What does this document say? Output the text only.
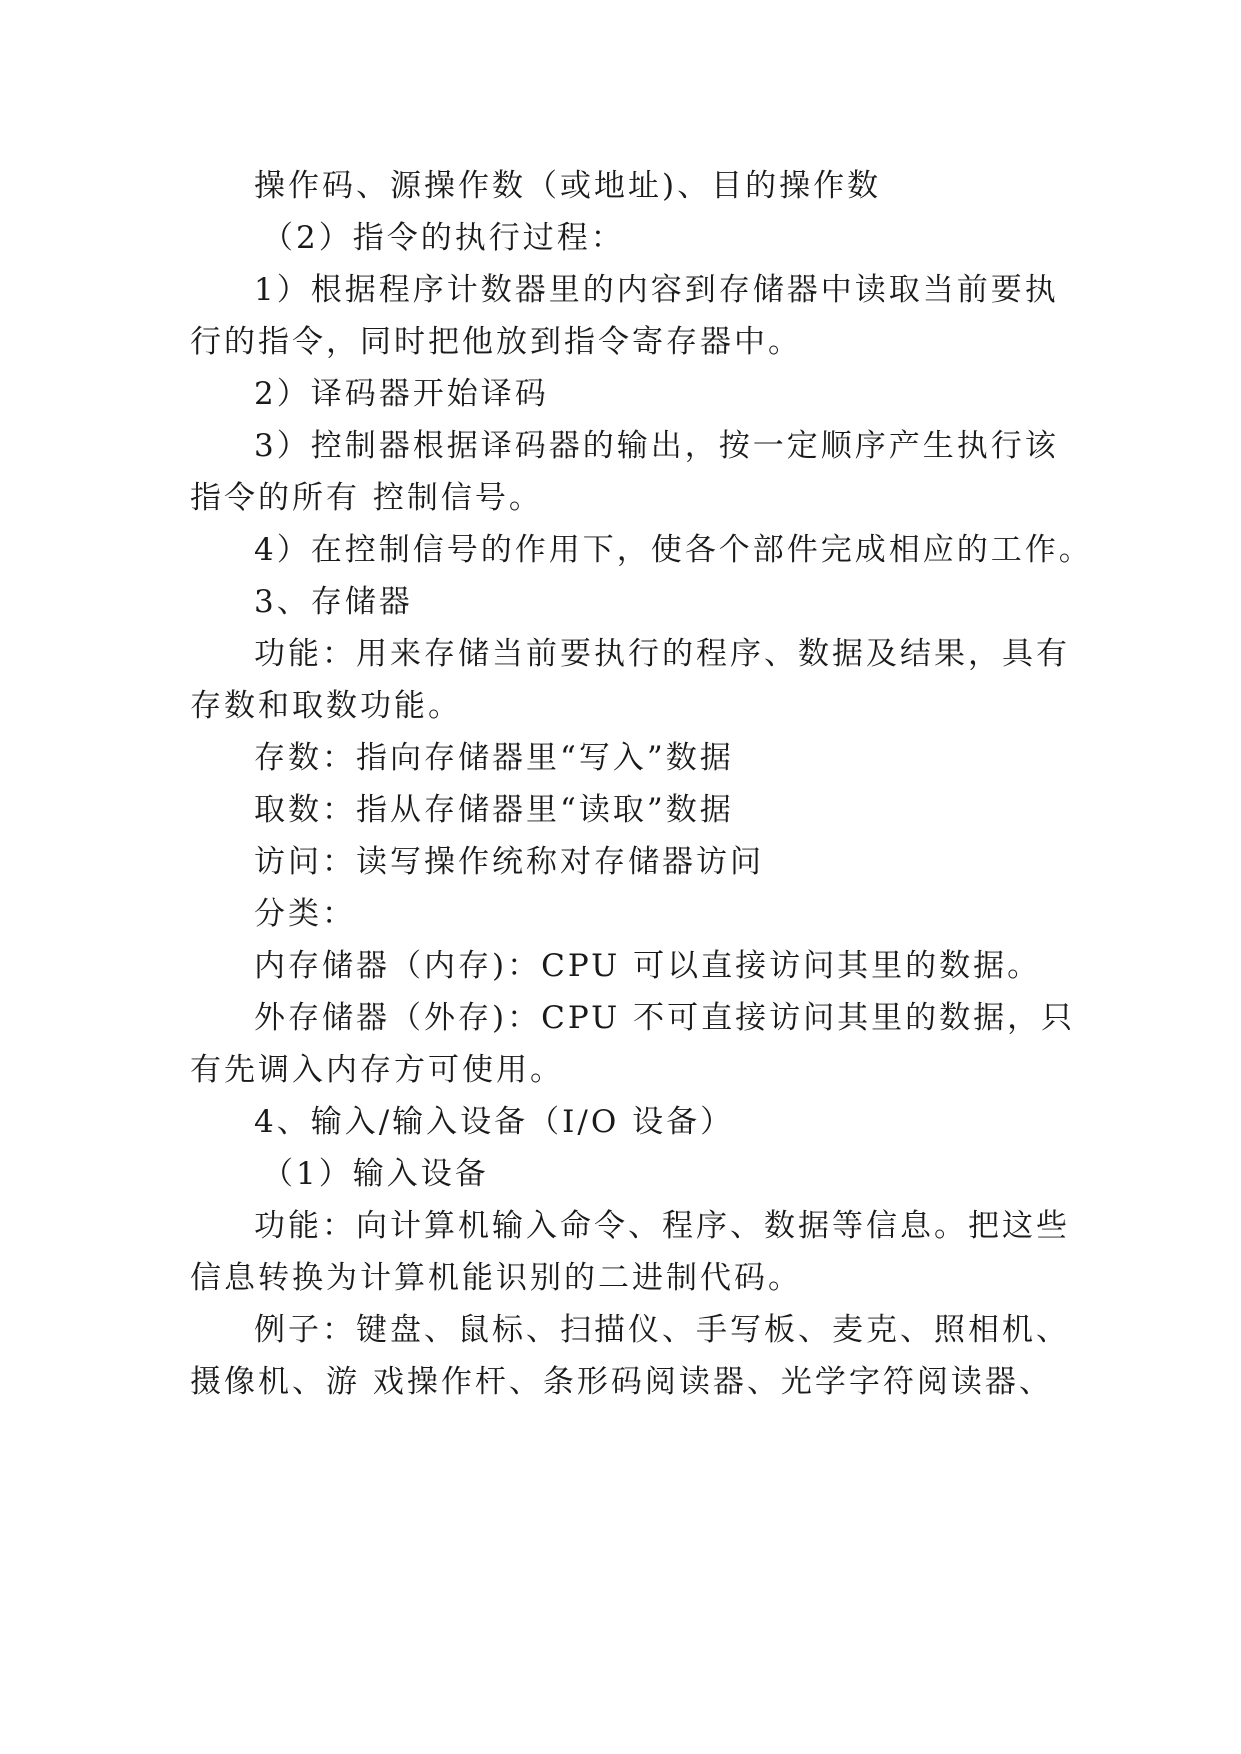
操作码、源操作数（或地址)、目的操作数
（2）指令的执行过程：
1）根据程序计数器里的内容到存储器中读取当前要执
行的指令，同时把他放到指令寄存器中。
2）译码器开始译码
3）控制器根据译码器的输出，按一定顺序产生执行该
指令的所有 控制信号。
4）在控制信号的作用下，使各个部件完成相应的工作。
3、存储器
功能：用来存储当前要执行的程序、数据及结果，具有
存数和取数功能。
存数：指向存储器里“写入”数据
取数：指从存储器里“读取”数据
访问：读写操作统称对存储器访问
分类：
内存储器（内存)：CPU 可以直接访问其里的数据。
外存储器（外存)：CPU 不可直接访问其里的数据，只
有先调入内存方可使用。
4、输入/输入设备（I/O 设备）
（1）输入设备
功能：向计算机输入命令、程序、数据等信息。把这些
信息转换为计算机能识别的二进制代码。
例子：键盘、鼠标、扫描仪、手写板、麦克、照相机、
摄像机、游 戏操作杆、条形码阅读器、光学字符阅读器、
